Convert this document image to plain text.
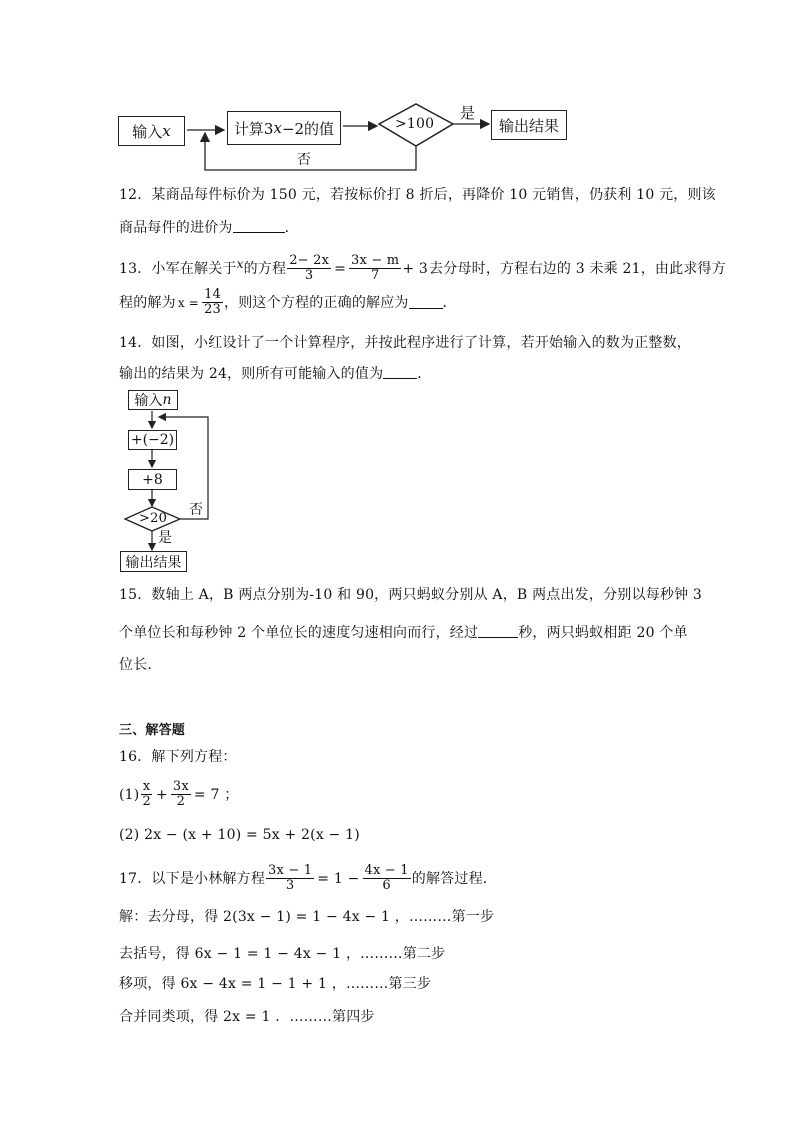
输入 x	计算3 x −2的值	>100
是
输出结果
否
12．某商品每件标价为 150 元，若按标价打 8 折后，再降价 10 元销售，仍获利 10 元，则该
商品每件的进价为	．
13．小军在解关于 x 的方程 $\frac{2- 2x}{3} = \frac{3x - m}{7} + 3$ 去分母时，方程右边的 3 未乘 21，由此求得方
程的解为 $x = \frac{14}{23}$ ，则这个方程的正确的解应为 ．
14．如图，小红设计了一个计算程序，并按此程序进行了计算，若开始输入的数为正整数，
输出的结果为 24，则所有可能输入的值为 ．
输入 n
+(−2)
+8
>20
否
是
输出结果
15．数轴上 A，B 两点分别为-10 和 90，两只蚂蚁分别从 A，B 两点出发，分别以每秒钟 3
个单位长和每秒钟 2 个单位长的速度匀速相向而行，经过	秒，两只蚂蚁相距 20 个单
位长.
三、解答题
16．解下列方程：
$(1) \frac{x}{2} + \frac{3x}{2} = 7$ ；
(2) 2x − (x + 10) = 5x + 2(x − 1)
17．以下是小林解方程 $\frac{3x - 1}{3} = 1 - \frac{4x - 1}{6}$ 的解答过程．
解：去分母，得 2(3x − 1) = 1 − 4x − 1 ，………第一步
去括号，得 6x − 1 = 1 − 4x − 1 ，………第二步
移项，得 6x − 4x = 1 − 1 + 1 ，………第三步
合并同类项，得 2x = 1 ．………第四步
